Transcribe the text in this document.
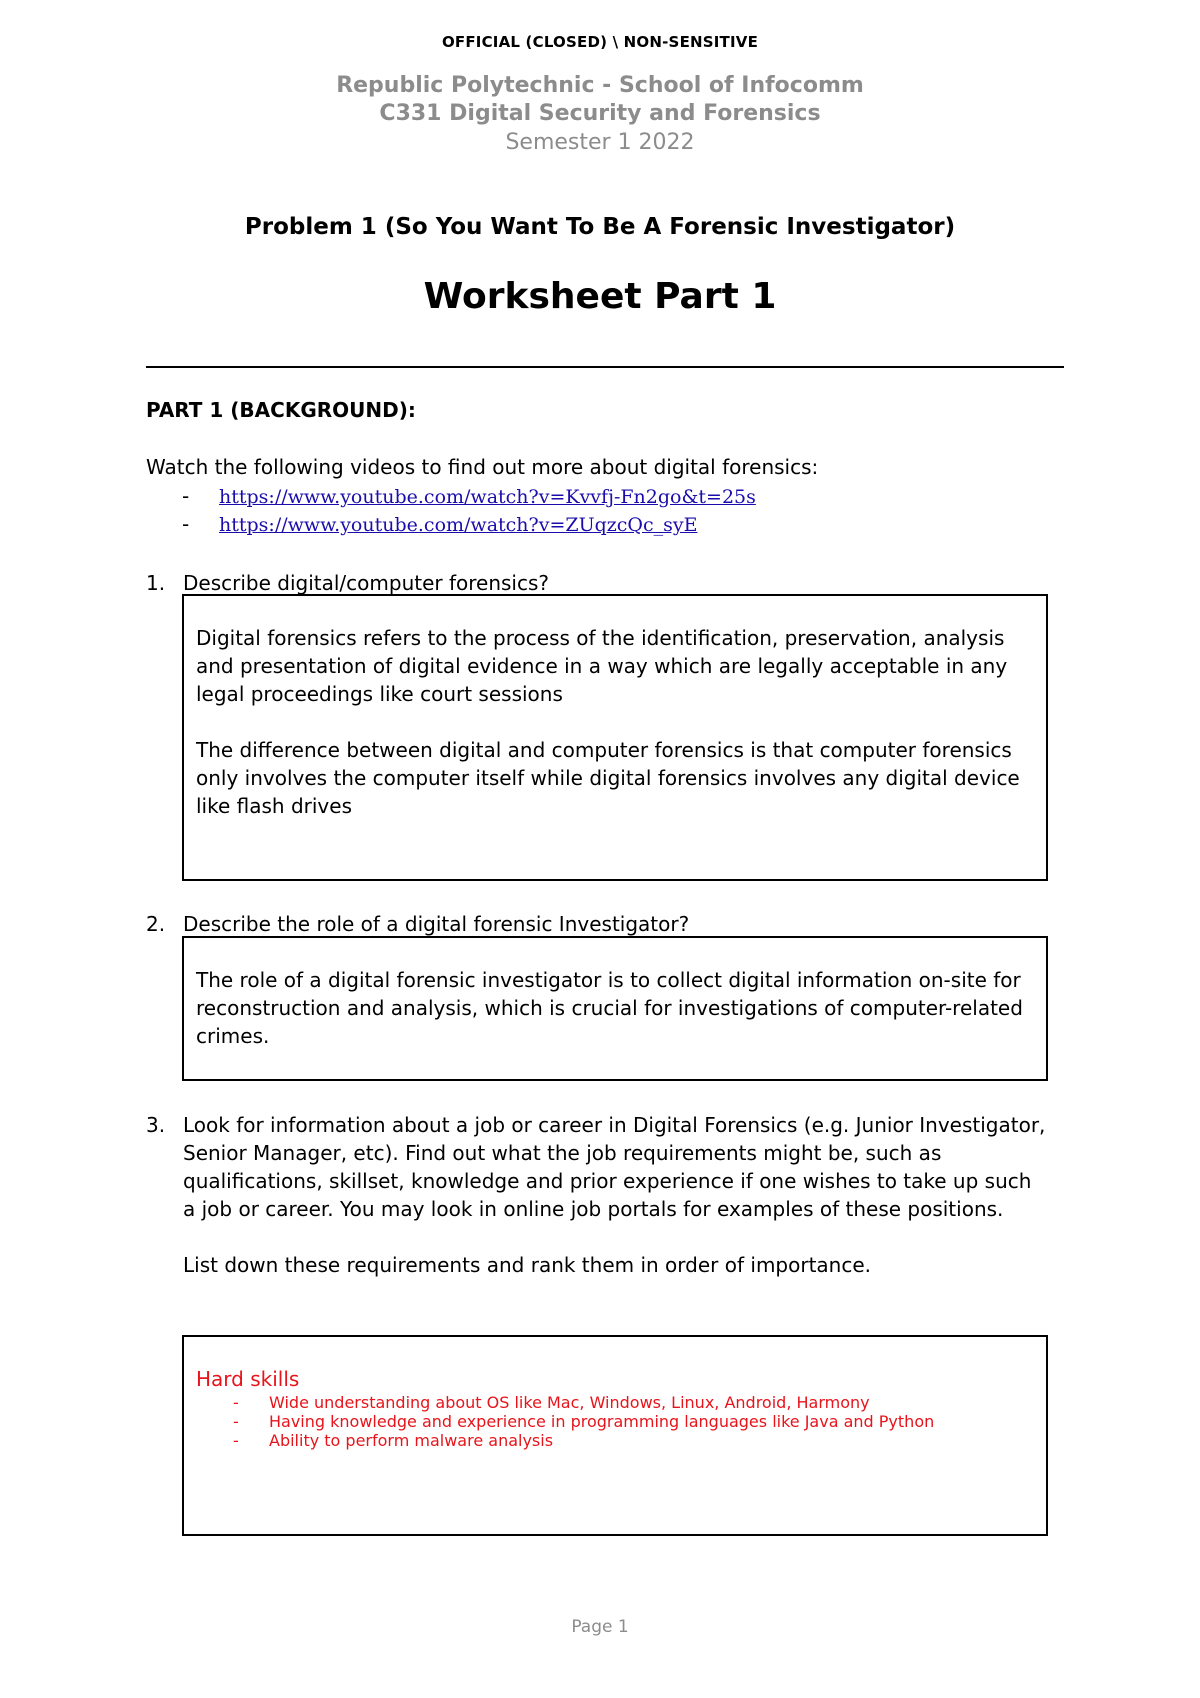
OFFICIAL (CLOSED) \ NON-SENSITIVE
Republic Polytechnic - School of Infocomm
C331 Digital Security and Forensics
Semester 1 2022
Problem 1 (So You Want To Be A Forensic Investigator)
Worksheet Part 1
PART 1 (BACKGROUND):
Watch the following videos to find out more about digital forensics:
- https://www.youtube.com/watch?v=Kvvfj-Fn2go&t=25s
- https://www.youtube.com/watch?v=ZUqzcQc_syE
1. Describe digital/computer forensics?

Digital forensics refers to the process of the identification, preservation, analysis and presentation of digital evidence in a way which are legally acceptable in any legal proceedings like court sessions

The difference between digital and computer forensics is that computer forensics only involves the computer itself while digital forensics involves any digital device like flash drives

2. Describe the role of a digital forensic Investigator?

The role of a digital forensic investigator is to collect digital information on-site for reconstruction and analysis, which is crucial for investigations of computer-related crimes.

3. Look for information about a job or career in Digital Forensics (e.g. Junior Investigator, Senior Manager, etc). Find out what the job requirements might be, such as qualifications, skillset, knowledge and prior experience if one wishes to take up such a job or career. You may look in online job portals for examples of these positions.
List down these requirements and rank them in order of importance.

Hard skills

- Wide understanding about OS like Mac, Windows, Linux, Android, Harmony
- Having knowledge and experience in programming languages like Java and Python
- Ability to perform malware analysis
Page 1
